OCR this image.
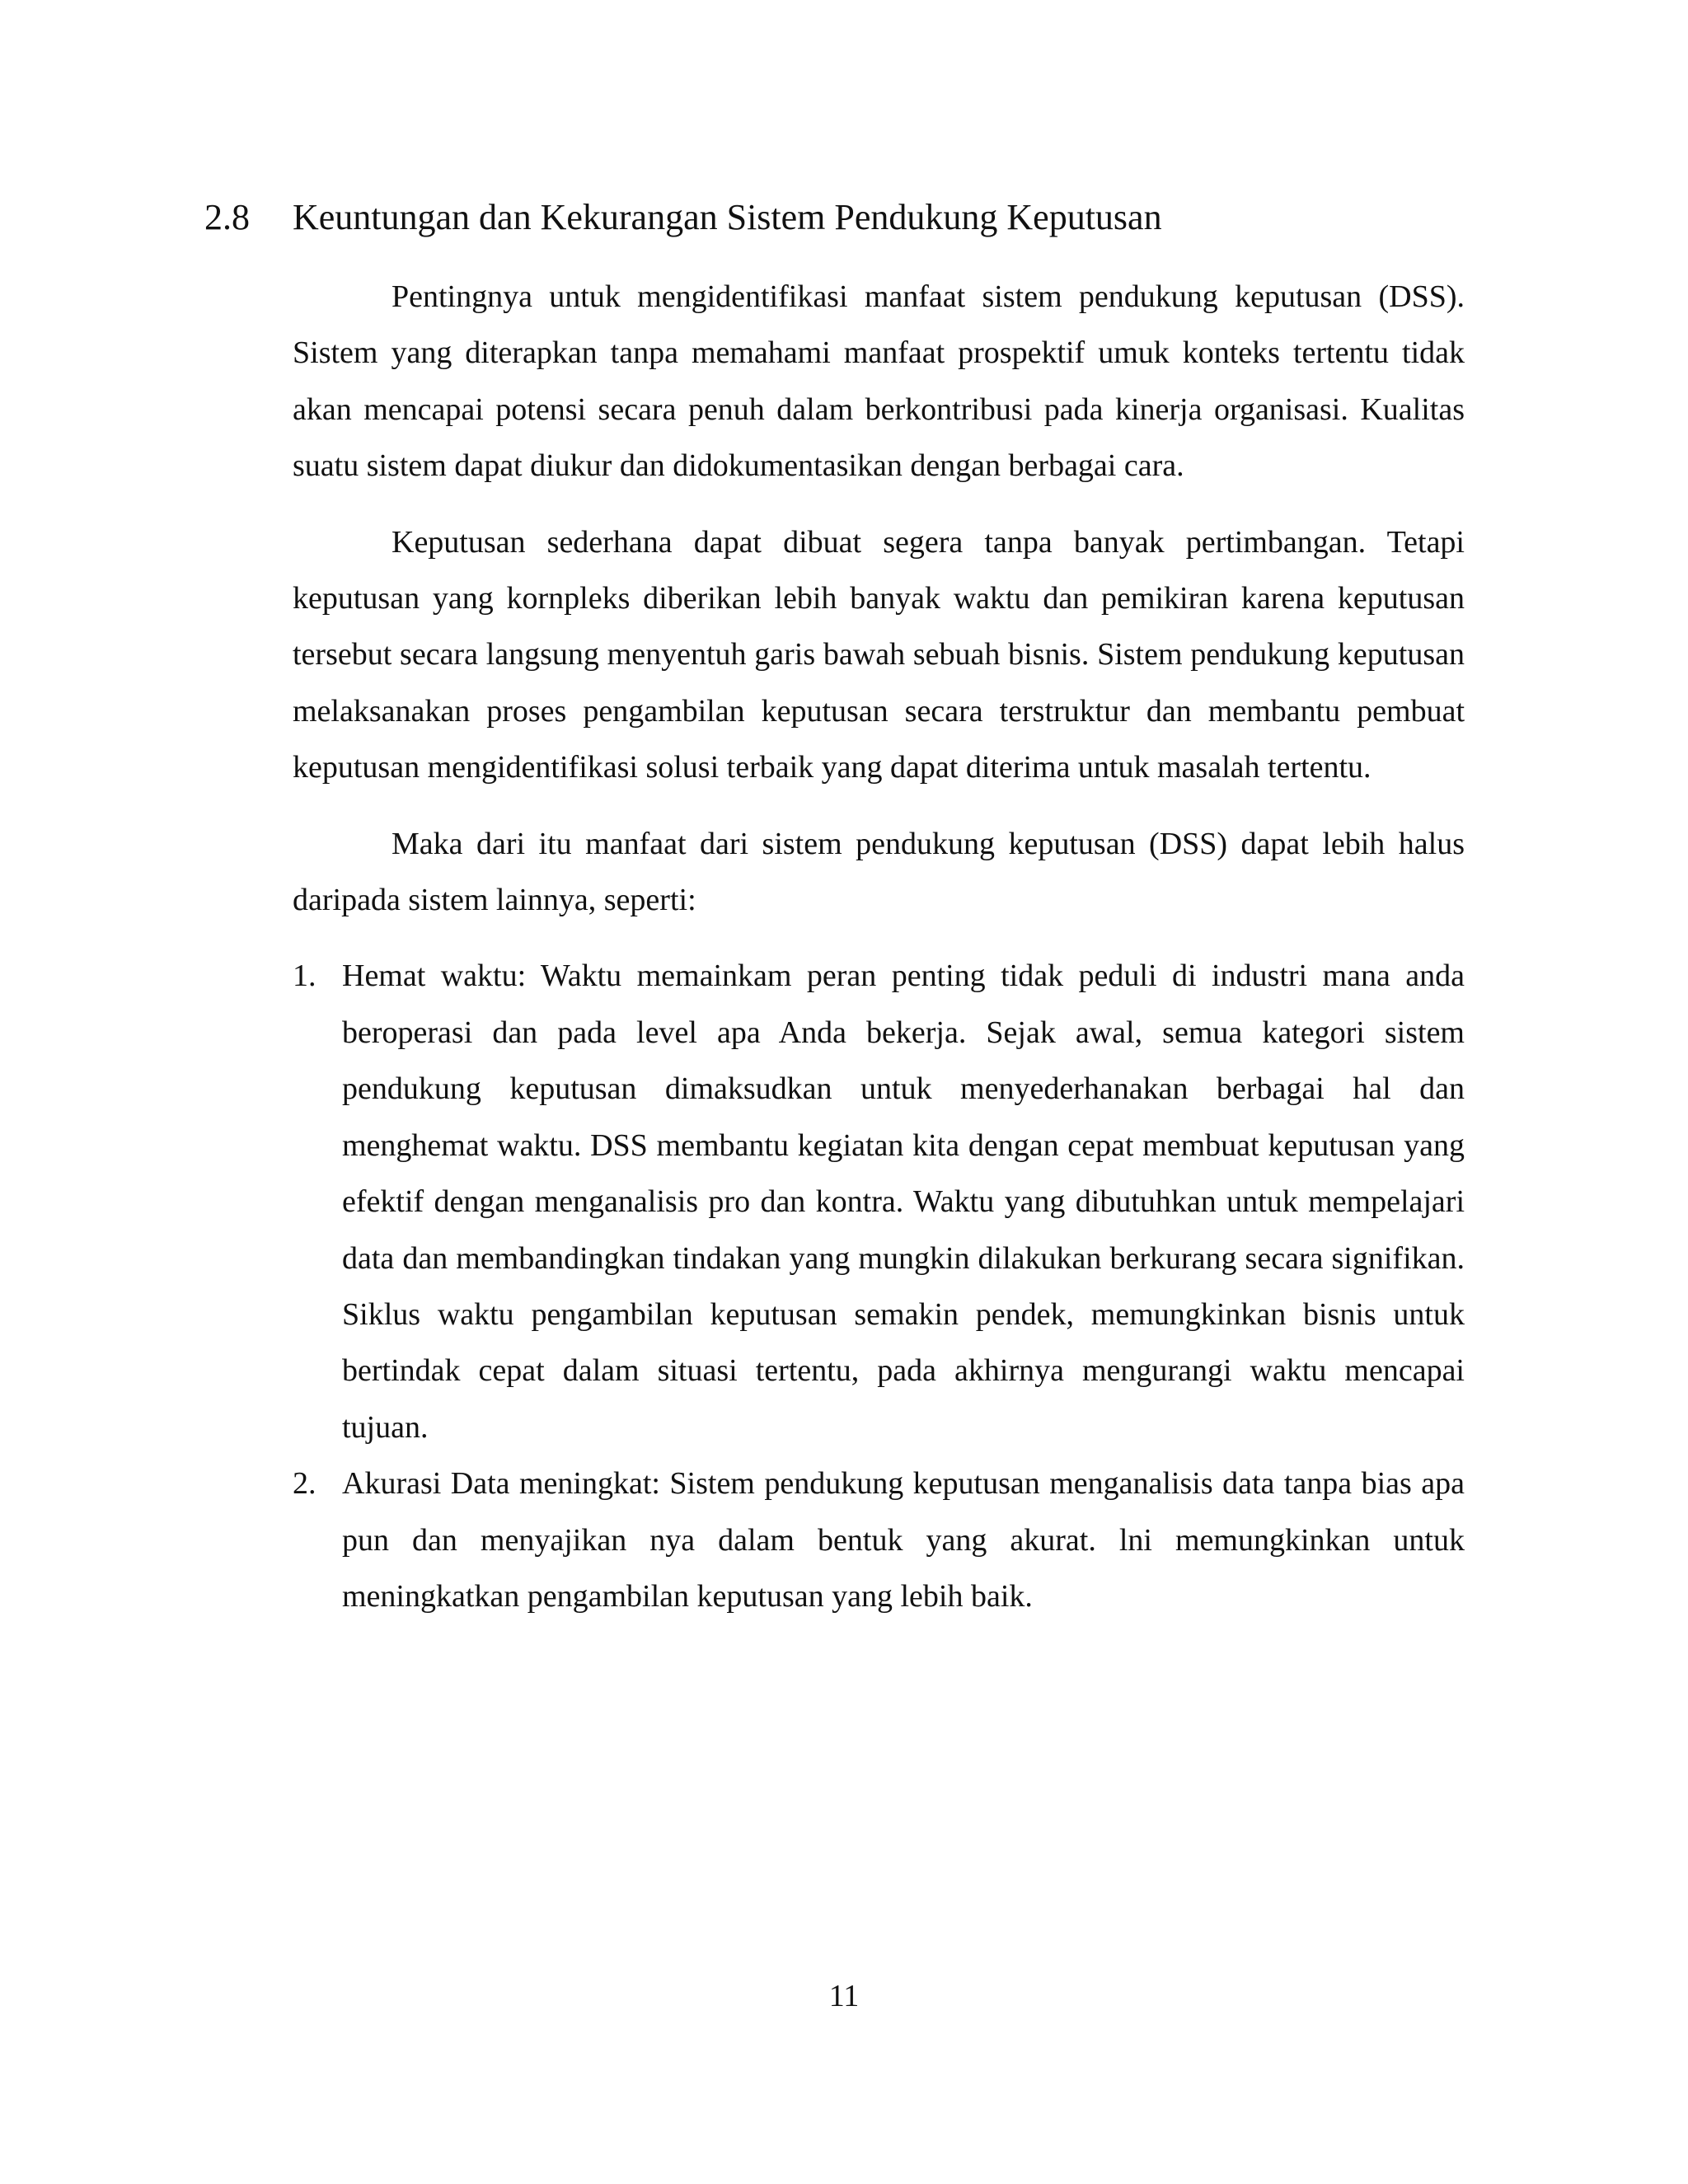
2.8 Keuntungan dan Kekurangan Sistem Pendukung Keputusan

Pentingnya untuk mengidentifikasi manfaat sistem pendukung keputusan (DSS). Sistem yang diterapkan tanpa memahami manfaat prospektif umuk konteks tertentu tidak akan mencapai potensi secara penuh dalam berkontribusi pada kinerja organisasi. Kualitas suatu sistem dapat diukur dan didokumentasikan dengan berbagai cara.

Keputusan sederhana dapat dibuat segera tanpa banyak pertimbangan. Tetapi keputusan yang kornpleks diberikan lebih banyak waktu dan pemikiran karena keputusan tersebut secara langsung menyentuh garis bawah sebuah bisnis. Sistem pendukung keputusan melaksanakan proses pengambilan keputusan secara terstruktur dan membantu pembuat keputusan mengidentifikasi solusi terbaik yang dapat diterima untuk masalah tertentu.

Maka dari itu manfaat dari sistem pendukung keputusan (DSS) dapat lebih halus daripada sistem lainnya, seperti:

1. Hemat waktu: Waktu memainkam peran penting tidak peduli di industri mana anda beroperasi dan pada level apa Anda bekerja. Sejak awal, semua kategori sistem pendukung keputusan dimaksudkan untuk menyederhanakan berbagai hal dan menghemat waktu. DSS membantu kegiatan kita dengan cepat membuat keputusan yang efektif dengan menganalisis pro dan kontra. Waktu yang dibutuhkan untuk mempelajari data dan membandingkan tindakan yang mungkin dilakukan berkurang secara signifikan. Siklus waktu pengambilan keputusan semakin pendek, memungkinkan bisnis untuk bertindak cepat dalam situasi tertentu, pada akhirnya mengurangi waktu mencapai tujuan.
2. Akurasi Data meningkat: Sistem pendukung keputusan menganalisis data tanpa bias apa pun dan menyajikan nya dalam bentuk yang akurat. lni memungkinkan untuk meningkatkan pengambilan keputusan yang lebih baik.
11
